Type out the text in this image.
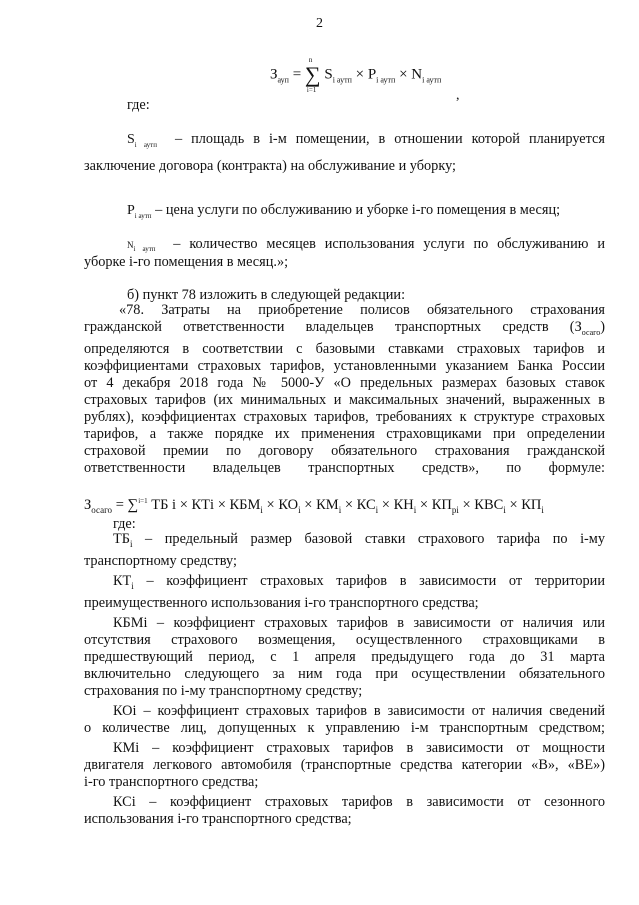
2
$З_{ауп}$ = ∑
n
i=1
$S_{i аутп} \times P_{i аутп} \times N_{i аутп}$
,
где:
$S_{i аутп}$ – площадь в i-м помещении, в отношении которой планируется
заключение договора (контракта) на обслуживание и уборку;
$P_{i аутп}$ – цена услуги по обслуживанию и уборке i-го помещения в месяц;
$N_{i аутп}$ – количество месяцев использования услуги по обслуживанию и
уборке i-го помещения в месяц.»;
б) пункт 78 изложить в следующей редакции:
«78. Затраты на приобретение полисов обязательного страхования
гражданской ответственности владельцев транспортных средств $(З_{осаго})$
определяются в соответствии с базовыми ставками страховых тарифов и
коэффициентами страховых тарифов, установленными указанием Банка России
от 4 декабря 2018 года № 5000-У «О предельных размерах базовых ставок
страховых тарифов (их минимальных и максимальных значений, выраженных в
рублях), коэффициентах страховых тарифов, требованиях к структуре страховых
тарифов, а также порядке их применения страховщиками при определении
страховой премии по договору обязательного страхования гражданской
ответственности владельцев транспортных средств», по формуле:
$З_{осаго} = \sum^{i=1}$ ТБ i × КТi × $КБМ_i \times КО_i \times КМ_i \times КС_i \times КН_i \times КП_{рi} \times КВС_i \times КП_i$
где:
$ТБ_i$ – предельный размер базовой ставки страхового тарифа по i-му
транспортному средству;
$КТ_i$ – коэффициент страховых тарифов в зависимости от территории
преимущественного использования i-го транспортного средства;
КБМi – коэффициент страховых тарифов в зависимости от наличия или
отсутствия страхового возмещения, осуществленного страховщиками в
предшествующий период, с 1 апреля предыдущего года до 31 марта
включительно следующего за ним года при осуществлении обязательного
страхования по i-му транспортному средству;
КОi – коэффициент страховых тарифов в зависимости от наличия сведений
о количестве лиц, допущенных к управлению i-м транспортным средством;
КМi – коэффициент страховых тарифов в зависимости от мощности
двигателя легкового автомобиля (транспортные средства категории «В», «ВЕ»)
i-го транспортного средства;
КСi – коэффициент страховых тарифов в зависимости от сезонного
использования i-го транспортного средства;
